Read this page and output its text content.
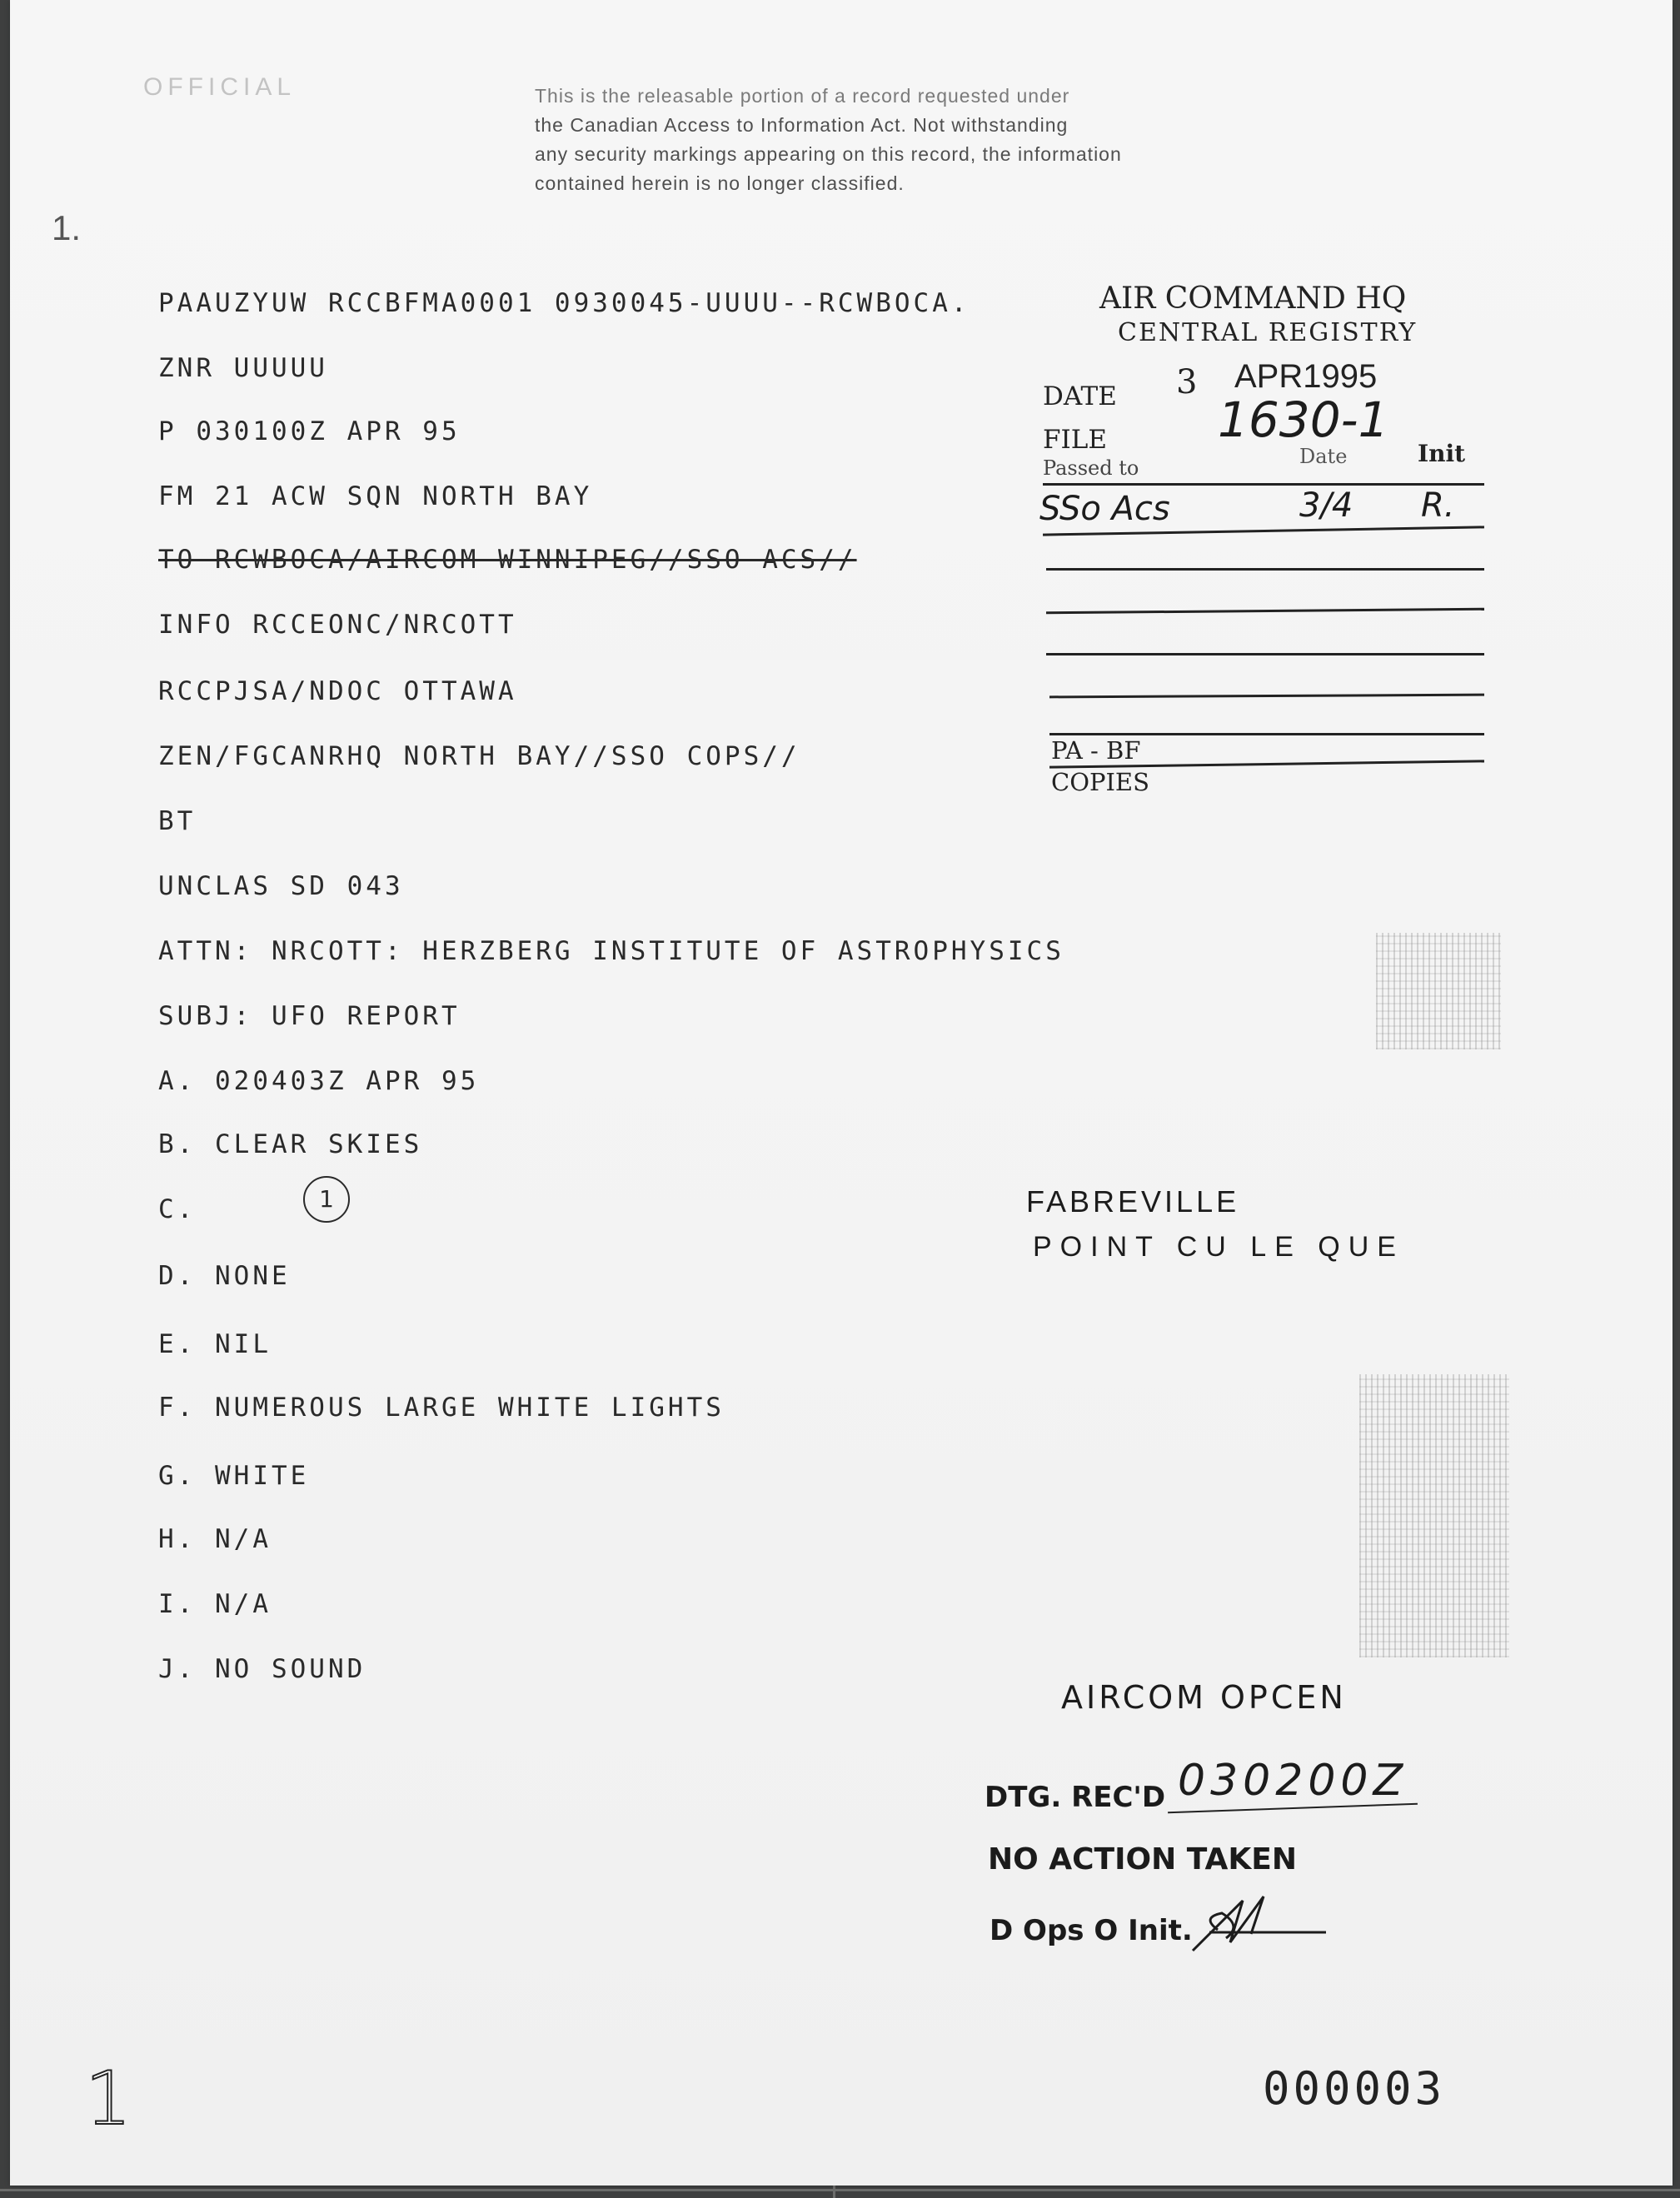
OFFICIAL
1.
This is the releasable portion of a record requested under
the Canadian Access to Information Act. Not withstanding
any security markings appearing on this record, the information
contained herein is no longer classified.
PAAUZYUW RCCBFMA0001 0930045-UUUU--RCWBOCA.
ZNR UUUUU
P 030100Z APR 95
FM 21 ACW SQN NORTH BAY
TO RCWBOCA/AIRCOM WINNIPEG//SSO ACS//
INFO RCCEONC/NRCOTT
RCCPJSA/NDOC OTTAWA
ZEN/FGCANRHQ NORTH BAY//SSO COPS//
BT
UNCLAS SD 043
ATTN: NRCOTT: HERZBERG INSTITUTE OF ASTROPHYSICS
SUBJ: UFO REPORT
A. 020403Z APR 95
B. CLEAR SKIES
C.
D. NONE
E. NIL
F. NUMEROUS LARGE WHITE LIGHTS
G. WHITE
H. N/A
I. N/A
J. NO SOUND
1
AIR COMMAND HQ
CENTRAL REGISTRY
DATE 3 APR1995
FILE 1630-1
Passed to	Date	Init
SSo Acs	3/4 R.
PA - BF
COPIES
FABREVILLE
POINT CU LE QUE
AIRCOM OPCEN
DTG. REC'D 030200Z
NO ACTION TAKEN
D Ops O Init.
1	000003
